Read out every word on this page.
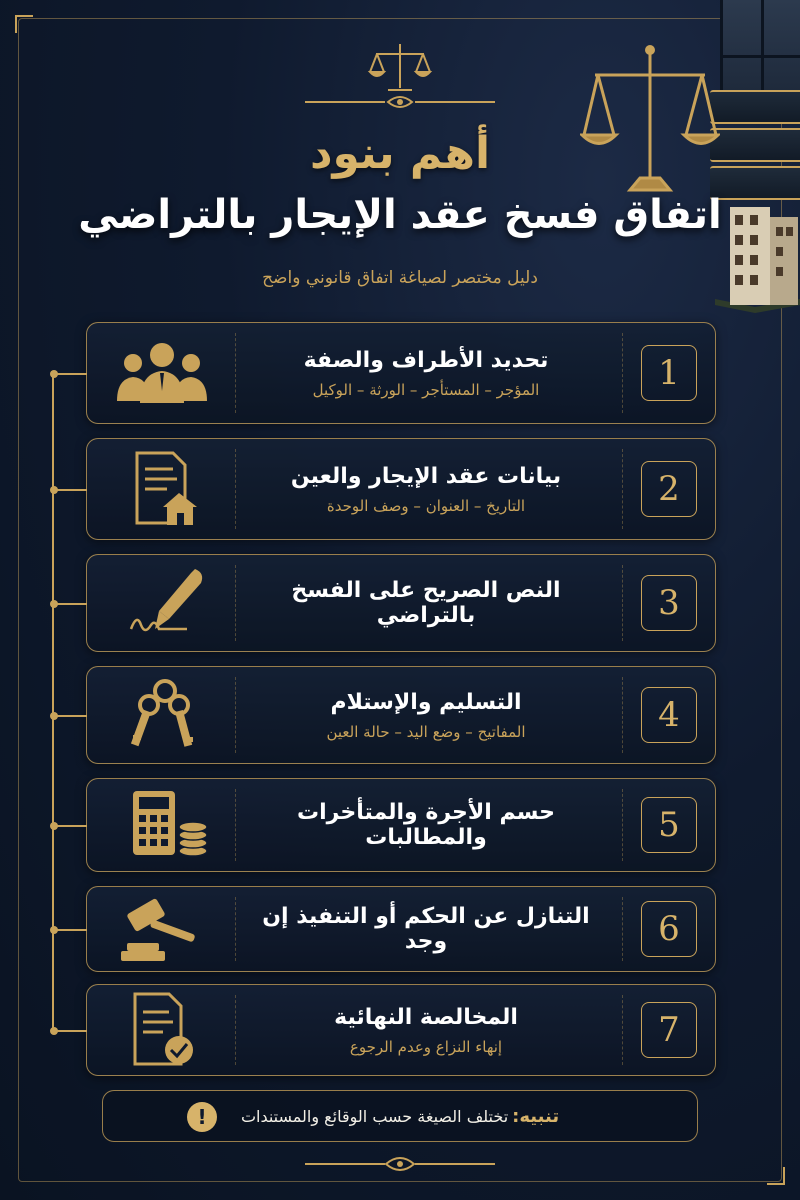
أهم بنود
اتفاق فسخ عقد الإيجار بالتراضي
دليل مختصر لصياغة اتفاق قانوني واضح
تحديد الأطراف والصفة
المؤجر – المستأجر – الورثة – الوكيل	1
بيانات عقد الإيجار والعين
التاريخ – العنوان – وصف الوحدة	2
النص الصريح على الفسخ بالتراضي	3
التسليم والإستلام
المفاتيح – وضع اليد – حالة العين	4
حسم الأجرة والمتأخرات والمطالبات	5
التنازل عن الحكم أو التنفيذ إن وجد	6
المخالصة النهائية
إنهاء النزاع وعدم الرجوع	7
تنبيه:
تختلف الصيغة حسب الوقائع والمستندات
!
